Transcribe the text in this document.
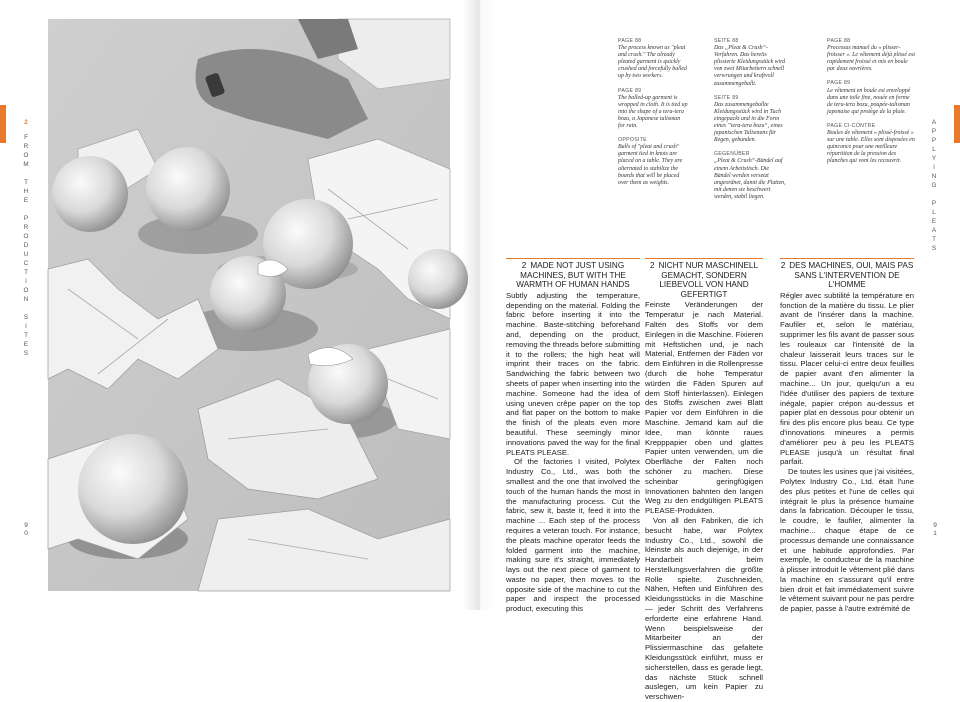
2
F
R
O
M

T
H
E

P
R
O
D
U
C
T
I
O
N

S
I
T
E
S
9
0
9
1
A
P
P
L
Y
I
N
G

P
L
E
A
T
S
PAGE 88
The process known as "pleat and crush." The already pleated garment is quickly crushed and forcefully balled up by two workers.
PAGE 89
The balled-up garment is wrapped in cloth. It is tied up into the shape of a tera-tera bozu, a Japanese talisman for rain.
OPPOSITE
Balls of "pleat and crush" garment tied in knots are placed on a table. They are alternated to stabilize the boards that will be placed over them as weights.
SEITE 88
Das „Pleat & Crush“-Verfahren. Das bereits plissierte Kleidungsstück wird von zwei Mitarbeitern schnell verwrungen und kraftvoll zusammengeballt.
SEITE 89
Das zusammengeballte Kleidungsstück wird in Tuch eingepackt und in die Form eines ‟tera-tera bozu“, eines japanischen Talismans für Regen, gebunden.
GEGENÜBER
„Pleat & Crush“-Bündel auf einem Arbeitstisch. Die Bündel werden versetzt angeordnet, damit die Platten, mit denen sie beschwert werden, stabil liegen.
PAGE 88
Processus manuel du « plisser-froisser ». Le vêtement déjà plissé est rapidement froissé et mis en boule par deux ouvrières.
PAGE 89
Le vêtement en boule est enveloppé dans une toile fine, nouée en forme de tera-tera bozu, poupée-talisman japonaise qui protège de la pluie.
PAGE CI-CONTRE
Boules de vêtement « plissé-froissé » sur une table. Elles sont disposées en quinconce pour une meilleure répartition de la pression des planches qui vont les recouvrir.
2 MADE NOT JUST USING MACHINES, BUT WITH THE WARMTH OF HUMAN HANDS

Subtly adjusting the temperature, depending on the material. Folding the fabric before inserting it into the machine. Baste-stitching beforehand and, depending on the product, removing the threads before submitting it to the rollers; the high heat will imprint their traces on the fabric. Sandwiching the fabric between two sheets of paper when inserting into the machine. Someone had the idea of using uneven crêpe paper on the top and flat paper on the bottom to make the finish of the pleats even more beautiful. These seemingly minor innovations paved the way for the final PLEATS PLEASE.

Of the factories I visited, Polytex Industry Co., Ltd., was both the smallest and the one that involved the touch of the human hands the most in the manufacturing process. Cut the fabric, sew it, baste it, feed it into the machine ... Each step of the process requires a veteran touch. For instance, the pleats machine operator feeds the folded garment into the machine, making sure it's straight, immediately lays out the next piece of garment to waste no paper, then moves to the opposite side of the machine to cut the paper and inspect the processed product, executing this

2 NICHT NUR MASCHINELL GEMACHT, SONDERN LIEBEVOLL VON HAND GEFERTIGT

Feinste Veränderungen der Temperatur je nach Material. Falten des Stoffs vor dem Einlegen in die Maschine. Fixieren mit Heftstichen und, je nach Material, Entfernen der Fäden vor dem Einführen in die Rollenpresse (durch die hohe Temperatur würden die Fäden Spuren auf dem Stoff hinterlassen). Einlegen des Stoffs zwischen zwei Blatt Papier vor dem Einführen in die Maschine. Jemand kam auf die Idee, man könnte raues Krepppapier oben und glattes Papier unten verwenden, um die Oberfläche der Falten noch schöner zu machen. Diese scheinbar geringfügigen Innovationen bahnten den langen Weg zu den endgültigen PLEATS PLEASE-Produkten.

Von all den Fabriken, die ich besucht habe, war Polytex Industry Co., Ltd., sowohl die kleinste als auch diejenige, in der Handarbeit beim Herstellungsverfahren die größte Rolle spielte. Zuschneiden, Nähen, Heften und Einführen des Kleidungsstücks in die Maschine — jeder Schritt des Verfahrens erforderte eine erfahrene Hand. Wenn beispielsweise der Mitarbeiter an der Plissiermaschine das gefaltete Kleidungsstück einführt, muss er sicherstellen, dass es gerade liegt, das nächste Stück schnell auslegen, um kein Papier zu verschwen-

2 DES MACHINES, OUI, MAIS PAS SANS L'INTERVENTION DE L'HOMME

Régler avec subtilité la température en fonction de la matière du tissu. Le plier avant de l'insérer dans la machine. Faufiler et, selon le matériau, supprimer les fils avant de passer sous les rouleaux car l'intensité de la chaleur laisserait leurs traces sur le tissu. Placer celui-ci entre deux feuilles de papier avant d'en alimenter la machine... Un jour, quelqu'un a eu l'idée d'utiliser des papiers de texture inégale, papier crépon au-dessus et papier plat en dessous pour obtenir un fini des plis encore plus beau. Ce type d'innovations mineures a permis d'améliorer peu à peu les PLEATS PLEASE jusqu'à un résultat final parfait.

De toutes les usines que j'ai visitées, Polytex Industry Co., Ltd. était l'une des plus petites et l'une de celles qui intégrait le plus la présence humaine dans la fabrication. Découper le tissu, le coudre, le faufiler, alimenter la machine... chaque étape de ce processus demande une connaissance et une habitude approfondies. Par exemple, le conducteur de la machine à plisser introduit le vêtement plié dans la machine en s'assurant qu'il entre bien droit et fait immédiatement suivre le vêtement suivant pour ne pas perdre de papier, passe à l'autre extrémité de
